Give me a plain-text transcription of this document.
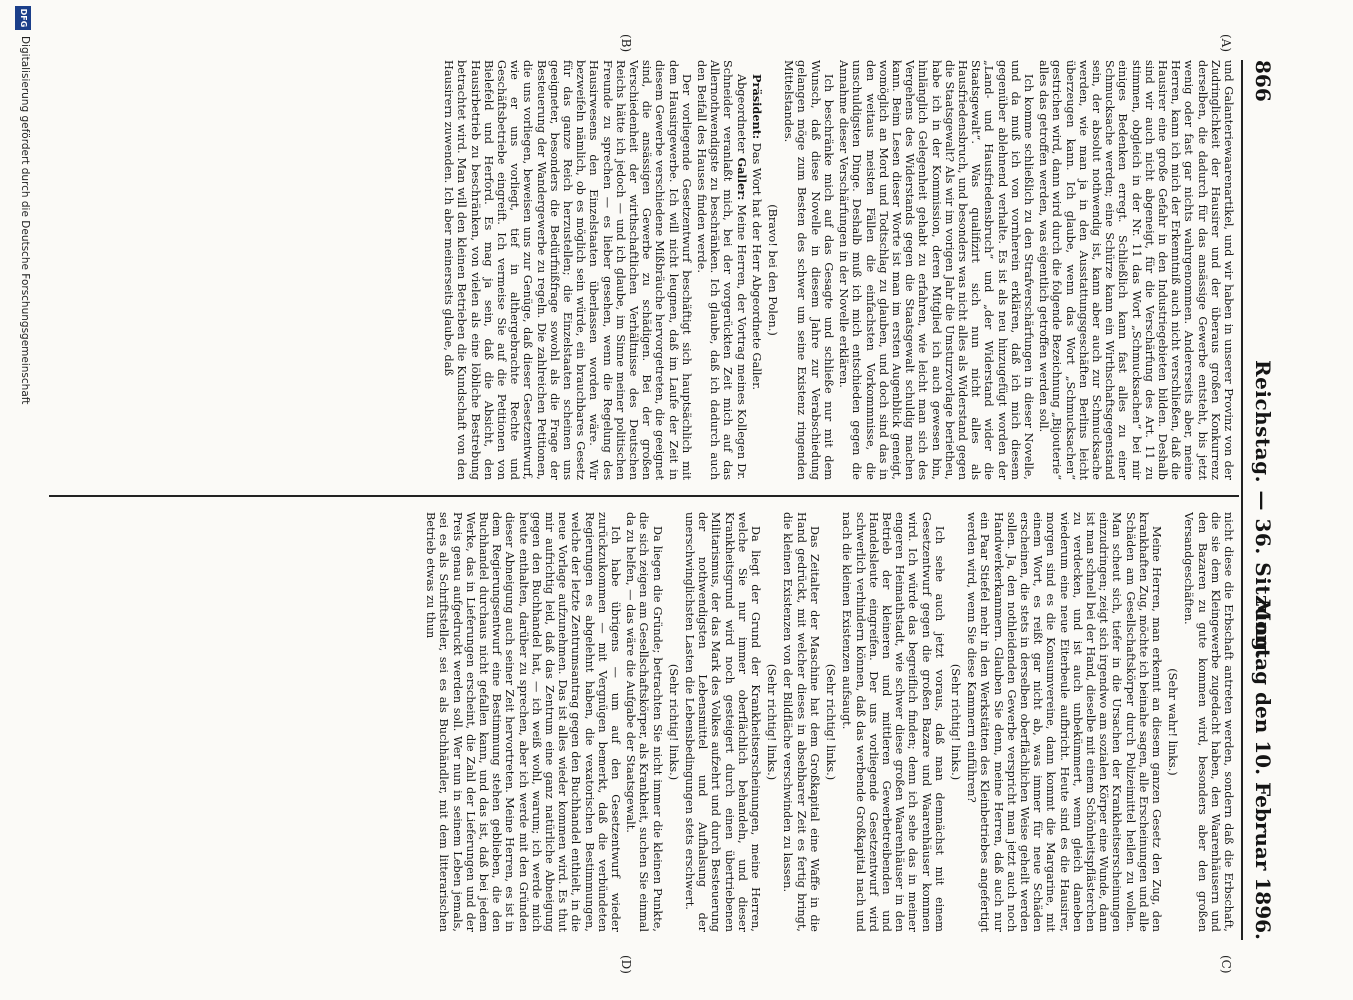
866
Reichstag. — 36. Sitzung.
Montag den 10. Februar 1896.
(A)
(B)
(C)
(D)

und Galanteriewaarenartikel, und wir haben in unserer Provinz von der Zudringlichkeit der Hausirer und der überaus großen Konkurrenz derselben, die dadurch für das ansässige Gewerbe entsteht, bis jetzt wenig oder fast gar nichts wahrgenommen. Andererseits aber, meine Herren, kann ich mich der Erkenntniß auch nicht verschließen, daß die Hausirer eine große Gefahr in den Industriegebieten bilden. Deshalb sind wir auch nicht abgeneigt, für die Verschärfung des Art. 11 zu stimmen, obgleich in der Nr. 11 das Wort „Schmucksachen“ bei mir einiges Bedenken erregt. Schließlich kann fast alles zu einer Schmucksache werden; eine Schürze kann ein Wirthschaftsgegenstand sein, der absolut nothwendig ist, kann aber auch zur Schmucksache werden, wie man ja in den Ausstattungsgeschäften Berlins leicht überzeugen kann. Ich glaube, wenn das Wort „Schmucksachen“ gestrichen wird, dann wird durch die folgende Bezeichnung „Bijouterie“ alles das getroffen werden, was eigentlich getroffen werden soll.

Ich komme schließlich zu den Strafverschärfungen in dieser Novelle, und da muß ich von vornherein erklären, daß ich mich diesem gegenüber ablehnend verhalte. Es ist als neu hinzugefügt worden der „Land- und Hausfriedensbruch“ und „der Widerstand wider die Staatsgewalt“. Was qualifizirt sich nun nicht alles als Hausfriedensbruch, und besonders was nicht alles als Widerstand gegen die Staatsgewalt? Als wir im vorigen Jahr die Umsturzvorlage berietheu, habe ich in der Kommission, deren Mitglied ich auch gewesen bin, hinlänglich Gelegenheit gehabt zu erfahren, wie leicht man sich des Vergehens des Widerstands gegen die Staatsgewalt schuldig machen kann. Beim Lesen dieser Worte ist man im ersten Augenblick geneigt, womöglich an Mord und Todtschlag zu glauben, und doch sind das in den weitaus meisten Fällen die einfachsten Vorkommnisse, die unschuldigsten Dinge. Deshalb muß ich mich entschieden gegen die Annahme dieser Verschärfungen in der Novelle erklären.

Ich beschränke mich auf das Gesagte und schließe nur mit dem Wunsch, daß diese Novelle in diesem Jahre zur Verabschiedung gelangen möge zum Besten des schwer um seine Existenz ringenden Mittelstandes.

(Bravo! bei den Polen.)

Präsident: Das Wort hat der Herr Abgeordnete Galler.

Abgeordneter Galler: Meine Herren, der Vortrag meines Kollegen Dr. Schneider veranlaßt mich, bei der vorgerückten Zeit mich auf das Allernothwendigste zu beschränken. Ich glaube, daß ich dadurch auch den Beifall des Hauses finden werde.

Der vorliegende Gesetzentwurf beschäftigt sich hauptsächlich mit dem Hausirgewerbe. Ich will nicht leugnen, daß im Laufe der Zeit in diesem Gewerbe verschiedene Mißbräuche hervorgetreten, die geeignet sind, die ansässigen Gewerbe zu schädigen. Bei der großen Verschiedenheit der wirthschaftlichen Verhältnisse des Deutschen Reichs hätte ich jedoch — und ich glaube, im Sinne meiner politischen Freunde zu sprechen — es lieber gesehen, wenn die Regelung des Hausirwesens den Einzelstaaten überlassen worden wäre. Wir bezweifeln nämlich, ob es möglich sein würde, ein brauchbares Gesetz für das ganze Reich herzustellen; die Einzelstaaten scheinen uns geeigneter, besonders die Bedürfnißfrage sowohl als die Frage der Besteuerung der Wandergewerbe zu regeln. Die zahlreichen Petitionen, die uns vorliegen, beweisen uns zur Genüge, daß dieser Gesetzentwurf, wie er uns vorliegt, tief in althergebrachte Rechte und Geschäftsbetriebe eingreift. Ich vermeise Sie auf die Petitionen von Bielefeld und Herford. Es mag ja sein, daß die Absicht, den Hausirbetrieb zu beschränken, von vielen als eine löbliche Bestrebung betrachtet wird. Man will den kleinen Betrieben die Kundschaft von den Hausirern zuwenden. Ich aber meinerseits glaube, daß

nicht diese die Erbschaft antreten werden, sondern daß die Erbschaft, die sie dem Kleingewerbe zugedacht haben, den Waarenhäusern und den Bazaren zu gute kommen wird, besonders aber den großen Versandgeschäften.

(Sehr wahr! links.)

Meine Herren, man erkennt an diesem ganzen Gesetz den Zug, den krankhaften Zug, möchte ich beinahe sagen, alle Erscheinungen und alle Schäden am Gesellschaftskörper durch Polizeimittel heilen zu wollen. Man scheut sich, tiefer in die Ursachen der Krankheitserscheinungen einzudringen; zeigt sich irgendwo am sozialen Körper eine Wunde, dann ist man schnell bei der Hand, dieselbe mit einem Schönheitspflästerchen zu verdecken, und ist auch unbekümmert, wenn gleich daneben wiederum eine neue Eiterbeule aufbricht. Heute sind es die Hausirer, morgen sind es die Konsumvereine, dann kommt die Margarine, mit einem Wort, es reißt gar nicht ab, was immer für neue Schäden erscheinen, die stets in derselben oberflächlichen Weise geheilt werden sollen. Ja, den nothleidenden Gewerbe verspricht man jetzt auch noch Handwerkerkammern. Glauben Sie denn, meine Herren, daß auch nur ein Paar Stiefel mehr in den Werkstätten des Kleinbetriebes angefertigt werden wird, wenn Sie diese Kammern einführen?

(Sehr richtig! links.)

Ich sehe auch jetzt voraus, daß man demnächst mit einem Gesetzentwurf gegen die großen Bazare und Waarenhäuser kommen wird. Ich würde das begreiflich finden; denn ich sehe das in meiner engeren Heimathstadt, wie schwer diese großen Waarenhäuser in den Betrieb der kleineren und mittleren Gewerbetreibenden und Handelsleute eingreifen. Der uns vorliegende Gesetzentwurf wird schwerlich verhindern können, daß das werbende Großkapital nach und nach die kleinen Existenzen aufsaugt.

(Sehr richtig! links.)

Das Zeitalter der Maschine hat dem Großkapital eine Waffe in die Hand gedrückt, mit welcher dieses in absehbarer Zeit es fertig bringt, die kleinen Existenzen von der Bildfläche verschwinden zu lassen.

(Sehr richtig! links.)

Da liegt der Grund der Krankheitserscheinungen, meine Herren, welche Sie nur immer oberflächlich behandeln, und dieser Krankheitsgrund wird noch gesteigert durch einen übertriebenen Militarismus, der das Mark des Volkes aufzehrt und durch Besteuerung der nothwendigsten Lebensmittel und Aufhalsung der unerschwinglichsten Lasten die Lebensbedingungen stets erschwert.

(Sehr richtig! links.)

Da liegen die Gründe; betrachten Sie nicht immer die kleinen Punkte, die sich zeigen am Gesellschaftskörper, als Krankheit, suchen Sie einmal da zu helfen, — das wäre die Aufgabe der Staatsgewalt.

Ich habe übrigens — um auf den Gesetzentwurf wieder zurückzukommen — mit Vergnügen bemerkt, daß die verbündeten Regierungen es abgelehnt haben, die vexatorischen Bestimmungen, welche der letzte Zentrumsantrag gegen den Buchhandel enthielt, in die neue Vorlage aufzunehmen. Das ist alles wieder kommen wird. Es thut mir aufrichtig leid, daß das Zentrum eine ganz natürliche Abneigung gegen den Buchhandel hat, — ich weiß wohl, warum; ich werde mich heute enthalten, darüber zu sprechen, aber ich werde mit den Gründen dieser Abneigung auch seiner Zeit hervortreten. Meine Herren, es ist in dem Regierungsentwurf eine Bestimmung stehen geblieben, die den Buchhandel durchaus nicht gefallen kann, und das ist, daß bei jedem Werke, das in Lieferungen erscheint, die Zahl der Lieferungen und der Preis genau aufgedruckt werden soll. Wer nun in seinem Leben jemals, sei es als Schriftsteller, sei es als Buchhändler, mit dem litterarischen Betrieb etwas zu thun

DFG
Digitalisierung gefördert durch die Deutsche Forschungsgemeinschaft
